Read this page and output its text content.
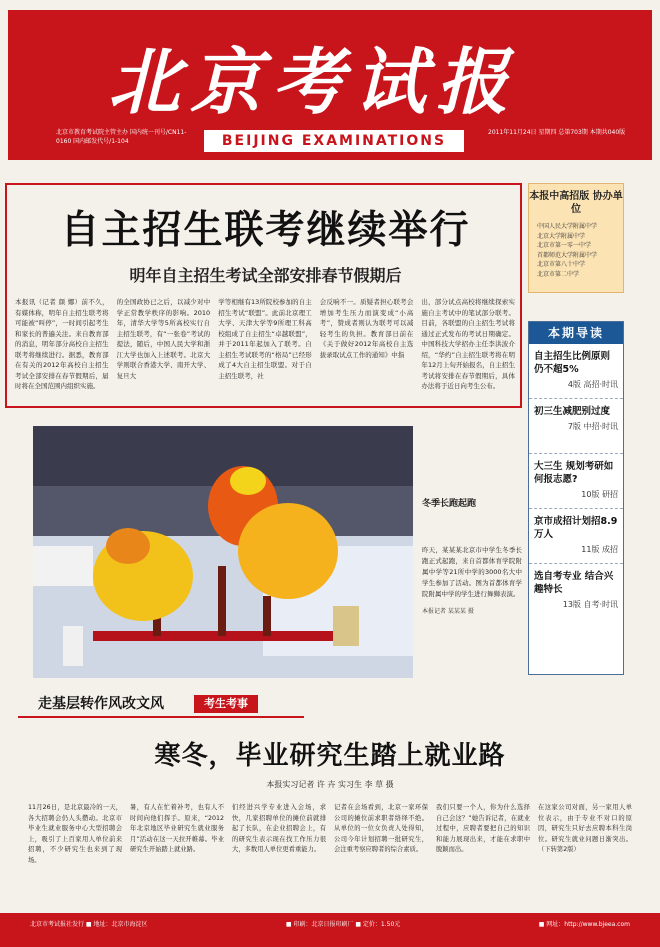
北京考试报
BEIJING EXAMINATIONS
北京市教育考试院主管主办 国内统一刊号/CN11-0160 国内邮发代号/1-104
2011年11月24日 星期四 总第703期 本期共040版
自主招生联考继续举行
明年自主招生考试全部安排春节假期后

本报讯（记者 颜 娜）前不久，有媒体称，明年自主招生联考将可能被“叫停”，一时间引起考生和家长的普遍关注。来自教育部的消息，明年部分高校自主招生联考将继续进行。据悉，教育部在有关的2012年高校自主招生考试全部安排在春节假期后，届时将在全国范围内组织实施。

的全国政协已之后，以减少对中学正常教学秩序的影响。2010年，清华大学等5所高校实行自主招生联考，有“一张卷”考试的提法，随后，中国人民大学和浙江大学也加入上述联考。北京大学则联合香港大学、南开大学、复旦大

学等相继有13所院校参加的自主招生考试“联盟”。此前北京理工大学、天津大学等9所理工科高校组成了自主招生“卓越联盟”，并于2011年起加入了联考。自主招生考试联考的“格局”已经形成了4大自主招生联盟。对于自主招生联考，社

会反响不一。质疑者担心联考会增加考生压力而演变成“小高考”，赞成者则认为联考可以减轻考生的负担。教育部日前在《关于做好2012年高校自主选拔录取试点工作的通知》中指

出，部分试点高校将继续探索实施自主考试中的笔试部分联考。目前，各联盟的自主招生考试将通过正式发布的考试日期确定。中国科技大学招办主任李洪波介绍，“华约”自主招生联考将在明年12月上旬开始报名，自主招生考试将安排在春节假期后，具体办法将于近日向考生公布。

本报中高招版 协办单位
中国人民大学附属中学
北京大学附属中学
北京市第一零一中学
首都师范大学附属中学
北京市第八十中学
北京市第二中学
本期导读
自主招生比例原则仍不超5%
4版 高招·时讯
初三生减肥别过度
7版 中招·时讯
大三生 规划考研如何报志愿?
10版 研招
京市成招计划招8.9万人
11版 成招
选自考专业 结合兴趣特长
13版 自考·时讯
冬季长跑起跑
昨天，某某某北京市中学生冬季长跑正式起跑，来自首都体育学院附属中学等21所中学的3000名大中学生参加了活动。图为首都体育学院附属中学的学生进行舞狮表演。
本报记者 某某某 摄
走基层转作风改文风	考生考事
寒冬，毕业研究生踏上就业路
本报实习记者 许 卉 实习生 李 草 摄

11月26日，是北京最冷的一天，各大招聘会仍人头攒动。北京市毕业生就业服务中心大型招聘会上，吸引了上百家用人单位前来招聘，不少研究生也来到了现场。

暑，有人在忙着补考，也有人不时间向他们挥手。原来，“2012年北京地区毕业研究生就业服务月”活动在这一天拉开帷幕。毕业研究生开始踏上就业路。

们经进兴学专业进入会场，求快，几家招聘单位的摊位前就排起了长队，在企业招聘会上，有的研究生表示现在找工作压力很大，多数用人单位更看重能力。

记者在会场看到，北京一家环保公司的摊位前求职者络绎不绝。从单位的一位女负责人处得知，公司今年计划招聘一批研究生，会注重考察应聘者的综合素质。

我们只要一个人，你为什么选择自己会这？”她告诉记者，在就业过程中，应聘者要把自己的知识和能力展现出来，才能在求职中脱颖而出。

在这家公司对面，另一家用人单位表示，由于专业不对口的原因，研究生只好去应聘本科生岗位。研究生就业问题日渐突出。（下转第2版）

北京市考试报社发行 ■ 地址：北京市海淀区	■ 印刷：北京日报印刷厂 ■ 定价：1.50元	■ 网址：http://www.bjeea.com
